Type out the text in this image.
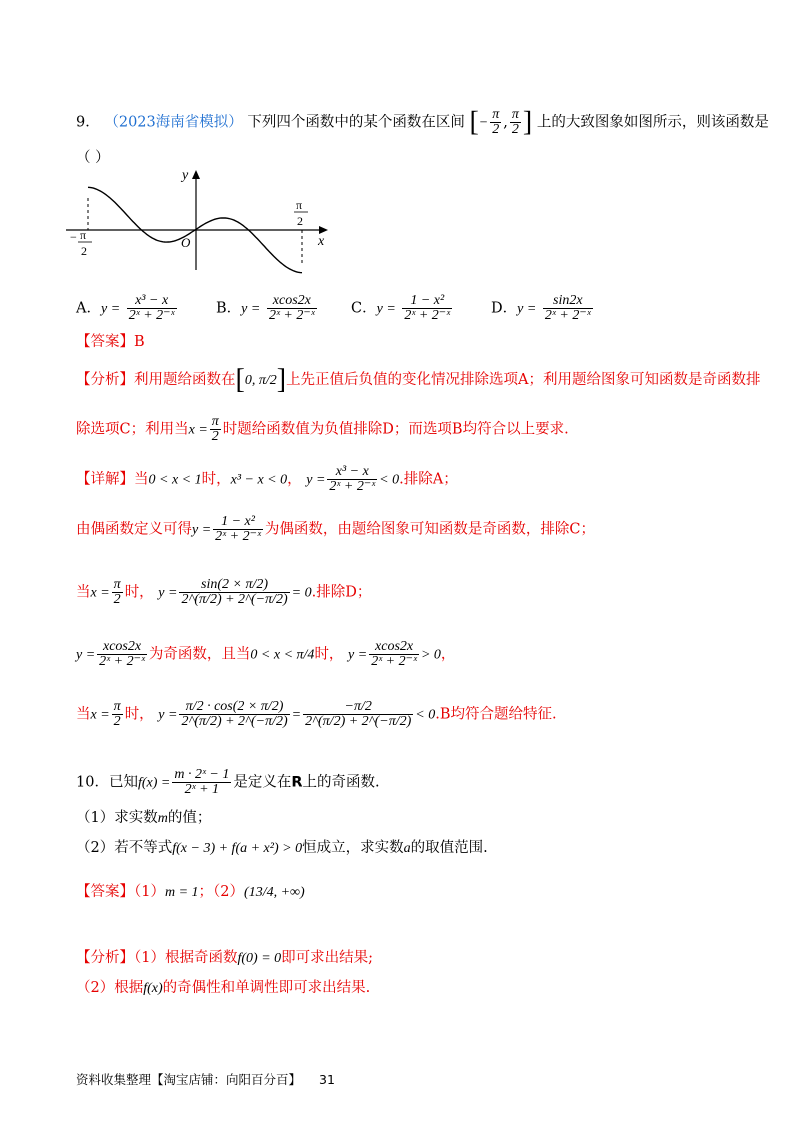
9． （2023海南省模拟） 下列四个函数中的某个函数在区间 [− $\frac{\pi}{2}$ , $\frac{\pi}{2}$ ] 上的大致图象如图所示，则该函数是
（ ）
y
x
O
π
2
− π
2
A．$y = \frac{\text{x³ − x}}{\text{2ˣ + 2⁻ˣ}}$	B．$y = \frac{xcos2x}{\text{2ˣ + 2⁻ˣ}}$ C．$y = \frac{\text{1 − x²}}{\text{2ˣ + 2⁻ˣ}}$	D．$y = \frac{\sin 2x}{\text{2ˣ + 2⁻ˣ}}$
【答案】B
【分析】利用题给函数在[0, π/2]上先正值后负值的变化情况排除选项A；利用题给图象可知函数是奇函数排
除选项C；利用当$x = \frac{\pi}{2}$ 时题给函数值为负值排除D；而选项B均符合以上要求.
【详解】当0 < x < 1时，x³ − x < 0， $y = \frac{\text{x³ − x}}{\text{2ˣ + 2⁻ˣ}} < 0$.排除A；
由偶函数定义可得$y = \frac{\text{1 − x²}}{\text{2ˣ + 2⁻ˣ}}$ 为偶函数，由题给图象可知函数是奇函数，排除C；
当$x = \frac{\pi}{2}$ 时， $y = \frac{\sin(2 \times \pi/2)}{2\^{}(\pi/2) + 2\^{}(-\pi/2)} = 0$.排除D；
$y = \frac{xcos2x}{\text{2ˣ + 2⁻ˣ}}$ 为奇函数，且当0 < x < π/4时， $y = \frac{xcos2x}{\text{2ˣ + 2⁻ˣ}} > 0$，
当$x = \frac{\pi}{2}$ 时， $y = \frac{\pi/2 \cdot \cos(2 \times \pi/2)}{2\^{}(\pi/2) + 2\^{}(-\pi/2)} = \frac{-\pi/2}{2\^{}(\pi/2) + 2\^{}(-\pi/2)} < 0.B$均符合题给特征.
10．已知$f(x) = \frac{\text{m · 2ˣ − 1}}{\text{2ˣ + 1}}$ 是定义在R上的奇函数.
（1）求实数m的值；
（2）若不等式f(x − 3) + f(a + x²) > 0恒成立，求实数a的取值范围.
【答案】（1）m = 1；（2）(13/4, +∞)
【分析】（1）根据奇函数f(0) = 0即可求出结果;
（2）根据f(x)的奇偶性和单调性即可求出结果.
资料收集整理【淘宝店铺：向阳百分百】 31
